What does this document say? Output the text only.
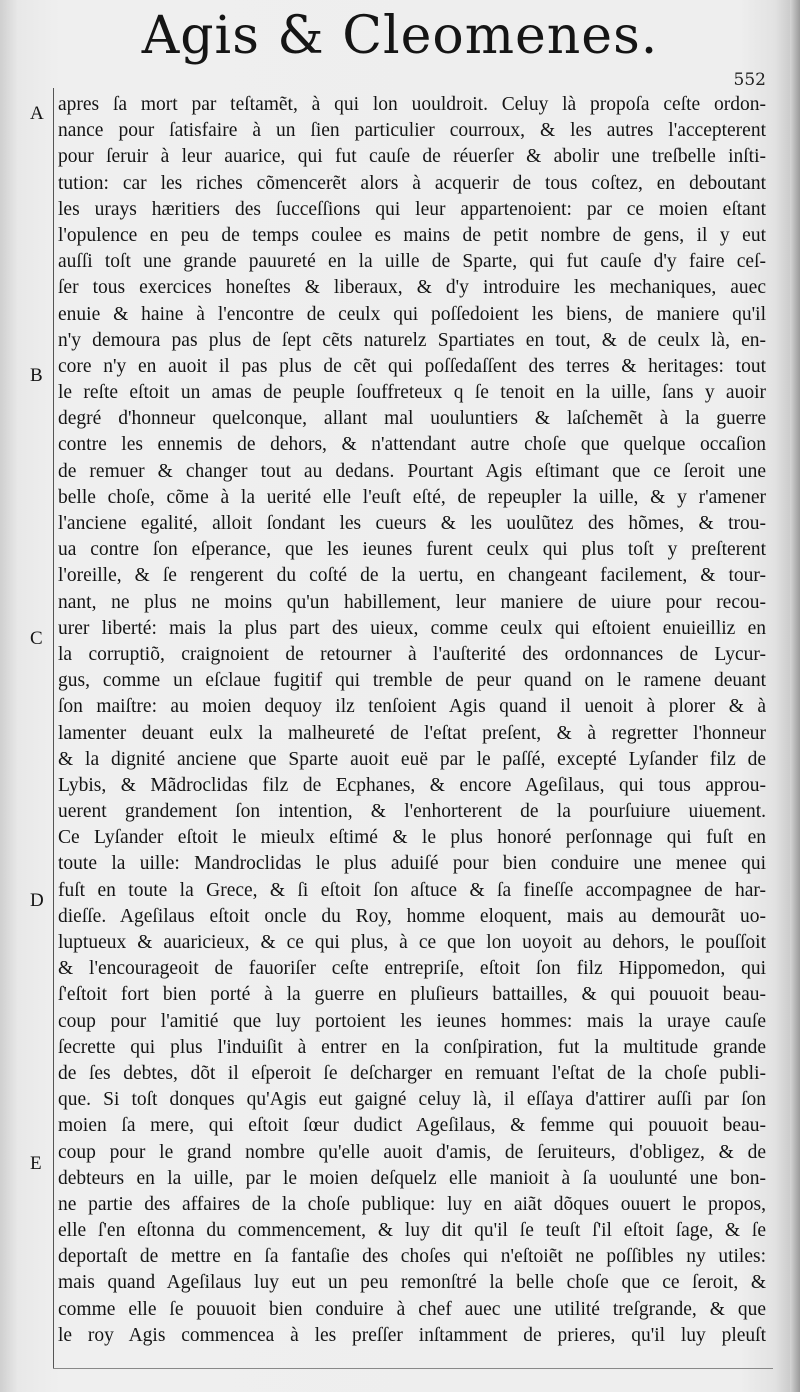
Agis & Cleomenes.
552
A
B
C
D
E
apres ſa mort par teſtamẽt, à qui lon uouldroit. Celuy là propoſa ceſte ordon-
nance pour ſatisfaire à un ſien particulier courroux, & les autres l'accepterent
pour ſeruir à leur auarice, qui fut cauſe de réuerſer & abolir une treſbelle inſti-
tution: car les riches cõmencerẽt alors à acquerir de tous coſtez, en deboutant
les urays hæritiers des ſucceſſions qui leur appartenoient: par ce moien eſtant
l'opulence en peu de temps coulee es mains de petit nombre de gens, il y eut
auſſi toſt une grande pauureté en la uille de Sparte, qui fut cauſe d'y faire ceſ-
ſer tous exercices honeſtes & liberaux, & d'y introduire les mechaniques, auec
enuie & haine à l'encontre de ceulx qui poſſedoient les biens, de maniere qu'il
n'y demoura pas plus de ſept cẽts naturelz Spartiates en tout, & de ceulx là, en-
core n'y en auoit il pas plus de cẽt qui poſſedaſſent des terres & heritages: tout
le reſte eſtoit un amas de peuple ſouffreteux q ſe tenoit en la uille, ſans y auoir
degré d'honneur quelconque, allant mal uouluntiers & laſchemẽt à la guerre
contre les ennemis de dehors, & n'attendant autre choſe que quelque occaſion
de remuer & changer tout au dedans. Pourtant Agis eſtimant que ce ſeroit une
belle choſe, cõme à la uerité elle l'euſt eſté, de repeupler la uille, & y r'amener
l'anciene egalité, alloit ſondant les cueurs & les uoulũtez des hõmes, & trou-
ua contre ſon eſperance, que les ieunes furent ceulx qui plus toſt y preſterent
l'oreille, & ſe rengerent du coſté de la uertu, en changeant facilement, & tour-
nant, ne plus ne moins qu'un habillement, leur maniere de uiure pour recou-
urer liberté: mais la plus part des uieux, comme ceulx qui eſtoient enuieilliz en
la corruptiõ, craignoient de retourner à l'auſterité des ordonnances de Lycur-
gus, comme un eſclaue fugitif qui tremble de peur quand on le ramene deuant
ſon maiſtre: au moien dequoy ilz tenſoient Agis quand il uenoit à plorer & à
lamenter deuant eulx la malheureté de l'eſtat preſent, & à regretter l'honneur
& la dignité anciene que Sparte auoit euë par le paſſé, excepté Lyſander filz de
Lybis, & Mãdroclidas filz de Ecphanes, & encore Ageſilaus, qui tous approu-
uerent grandement ſon intention, & l'enhorterent de la pourſuiure uiuement.
Ce Lyſander eſtoit le mieulx eſtimé & le plus honoré perſonnage qui fuſt en
toute la uille: Mandroclidas le plus aduiſé pour bien conduire une menee qui
fuſt en toute la Grece, & ſi eſtoit ſon aſtuce & ſa fineſſe accompagnee de har-
dieſſe. Ageſilaus eſtoit oncle du Roy, homme eloquent, mais au demourãt uo-
luptueux & auaricieux, & ce qui plus, à ce que lon uoyoit au dehors, le pouſſoit
& l'encourageoit de fauoriſer ceſte entrepriſe, eſtoit ſon filz Hippomedon, qui
ſ'eſtoit fort bien porté à la guerre en pluſieurs battailles, & qui pouuoit beau-
coup pour l'amitié que luy portoient les ieunes hommes: mais la uraye cauſe
ſecrette qui plus l'induiſit à entrer en la conſpiration, fut la multitude grande
de ſes debtes, dõt il eſperoit ſe deſcharger en remuant l'eſtat de la choſe publi-
que. Si toſt donques qu'Agis eut gaigné celuy là, il eſſaya d'attirer auſſi par ſon
moien ſa mere, qui eſtoit ſœur dudict Ageſilaus, & femme qui pouuoit beau-
coup pour le grand nombre qu'elle auoit d'amis, de ſeruiteurs, d'obligez, & de
debteurs en la uille, par le moien deſquelz elle manioit à ſa uoulunté une bon-
ne partie des affaires de la choſe publique: luy en aiãt dõques ouuert le propos,
elle ſ'en eſtonna du commencement, & luy dit qu'il ſe teuſt ſ'il eſtoit ſage, & ſe
deportaſt de mettre en ſa fantaſie des choſes qui n'eſtoiẽt ne poſſibles ny utiles:
mais quand Ageſilaus luy eut un peu remonſtré la belle choſe que ce ſeroit, &
comme elle ſe pouuoit bien conduire à chef auec une utilité treſgrande, & que
le roy Agis commencea à les preſſer inſtamment de prieres, qu'il luy pleuſt
